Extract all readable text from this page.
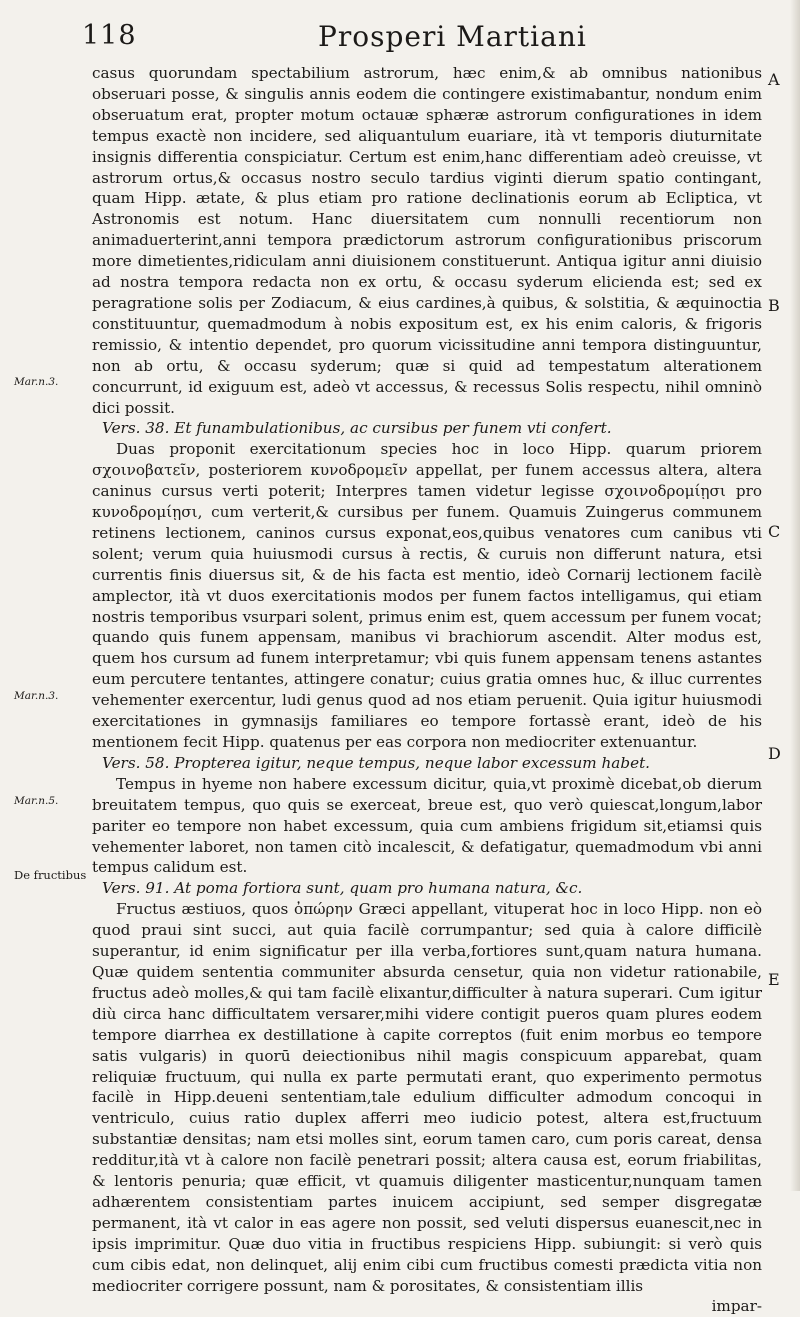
118	Prosperi Martiani

casus quorundam spectabilium astrorum, hæc enim,& ab omnibus nationibus obseruari posse, & singulis annis eodem die contingere existimabantur, nondum enim obseruatum erat, propter motum octauæ sphæræ astrorum configurationes in idem tempus exactè non incidere, sed aliquantulum euariare, ità vt temporis diuturnitate insignis differentia conspiciatur. Certum est enim,hanc differentiam adeò creuisse, vt astrorum ortus,& occasus nostro seculo tardius viginti dierum spatio contingant, quam Hipp. ætate, & plus etiam pro ratione declinationis eorum ab Ecliptica, vt Astronomis est notum. Hanc diuersitatem cum nonnulli recentiorum non animaduerterint,anni tempora prædictorum astrorum configurationibus priscorum more dimetientes,ridiculam anni diuisionem constituerunt. Antiqua igitur anni diuisio ad nostra tempora redacta non ex ortu, & occasu syderum elicienda est; sed ex peragratione solis per Zodiacum, & eius cardines,à quibus, & solstitia, & æquinoctia constituuntur, quemadmodum à nobis expositum est, ex his enim caloris, & frigoris remissio, & intentio dependet, pro quorum vicissitudine anni tempora distinguuntur, non ab ortu, & occasu syderum; quæ si quid ad tempestatum alterationem concurrunt, id exiguum est, adeò vt accessus, & recessus Solis respectu, nihil omninò dici possit.

Vers. 38. Et funambulationibus, ac cursibus per funem vti confert.

Duas proponit exercitationum species hoc in loco Hipp. quarum priorem σχοινοβατεῖν, posteriorem κυνοδρομεῖν appellat, per funem accessus altera, altera caninus cursus verti poterit; Interpres tamen videtur legisse σχοινοδρομίῃσι pro κυνοδρομίῃσι, cum verterit,& cursibus per funem. Quamuis Zuingerus communem retinens lectionem, caninos cursus exponat,eos,quibus venatores cum canibus vti solent; verum quia huiusmodi cursus à rectis, & curuis non differunt natura, etsi currentis finis diuersus sit, & de his facta est mentio, ideò Cornarij lectionem facilè amplector, ità vt duos exercitationis modos per funem factos intelligamus, qui etiam nostris temporibus vsurpari solent, primus enim est, quem accessum per funem vocat; quando quis funem appensam, manibus vi brachiorum ascendit. Alter modus est, quem hos cursum ad funem interpretamur; vbi quis funem appensam tenens astantes eum percutere tentantes, attingere conatur; cuius gratia omnes huc, & illuc currentes vehementer exercentur, ludi genus quod ad nos etiam peruenit. Quia igitur huiusmodi exercitationes in gymnasijs familiares eo tempore fortassè erant, ideò de his mentionem fecit Hipp. quatenus per eas corpora non mediocriter extenuantur.

Vers. 58. Propterea igitur, neque tempus, neque labor excessum habet.

Tempus in hyeme non habere excessum dicitur, quia,vt proximè dicebat,ob dierum breuitatem tempus, quo quis se exerceat, breue est, quo verò quiescat,longum,labor pariter eo tempore non habet excessum, quia cum ambiens frigidum sit,etiamsi quis vehementer laboret, non tamen citò incalescit, & defatigatur, quemadmodum vbi anni tempus calidum est.

Vers. 91. At poma fortiora sunt, quam pro humana natura, &c.

Fructus æstiuos, quos ὀπώρην Græci appellant, vituperat hoc in loco Hipp. non eò quod praui sint succi, aut quia facilè corrumpantur; sed quia à calore difficilè superantur, id enim significatur per illa verba,fortiores sunt,quam natura humana. Quæ quidem sententia communiter absurda censetur, quia non videtur rationabile, fructus adeò molles,& qui tam facilè elixantur,difficulter à natura superari. Cum igitur diù circa hanc difficultatem versarer,mihi videre contigit pueros quam plures eodem tempore diarrhea ex destillatione à capite correptos (fuit enim morbus eo tempore satis vulgaris) in quorū deiectionibus nihil magis conspicuum apparebat, quam reliquiæ fructuum, qui nulla ex parte permutati erant, quo experimento permotus facilè in Hipp.deueni sententiam,tale edulium difficulter admodum concoqui in ventriculo, cuius ratio duplex afferri meo iudicio potest, altera est,fructuum substantiæ densitas; nam etsi molles sint, eorum tamen caro, cum poris careat, densa redditur,ità vt à calore non facilè penetrari possit; altera causa est, eorum friabilitas, & lentoris penuria; quæ efficit, vt quamuis diligenter masticentur,nunquam tamen adhærentem consistentiam partes inuicem accipiunt, sed semper disgregatæ permanent, ità vt calor in eas agere non possit, sed veluti dispersus euanescit,nec in ipsis imprimitur. Quæ duo vitia in fructibus respiciens Hipp. subiungit: si verò quis cum cibis edat, non delinquet, alij enim cibi cum fructibus comesti prædicta vitia non mediocriter corrigere possunt, nam & porositates, & consistentiam illis

impar-

Mar.n.3.
Mar.n.3.
Mar.n.5.
De fructibus
A
B
C
D
E
